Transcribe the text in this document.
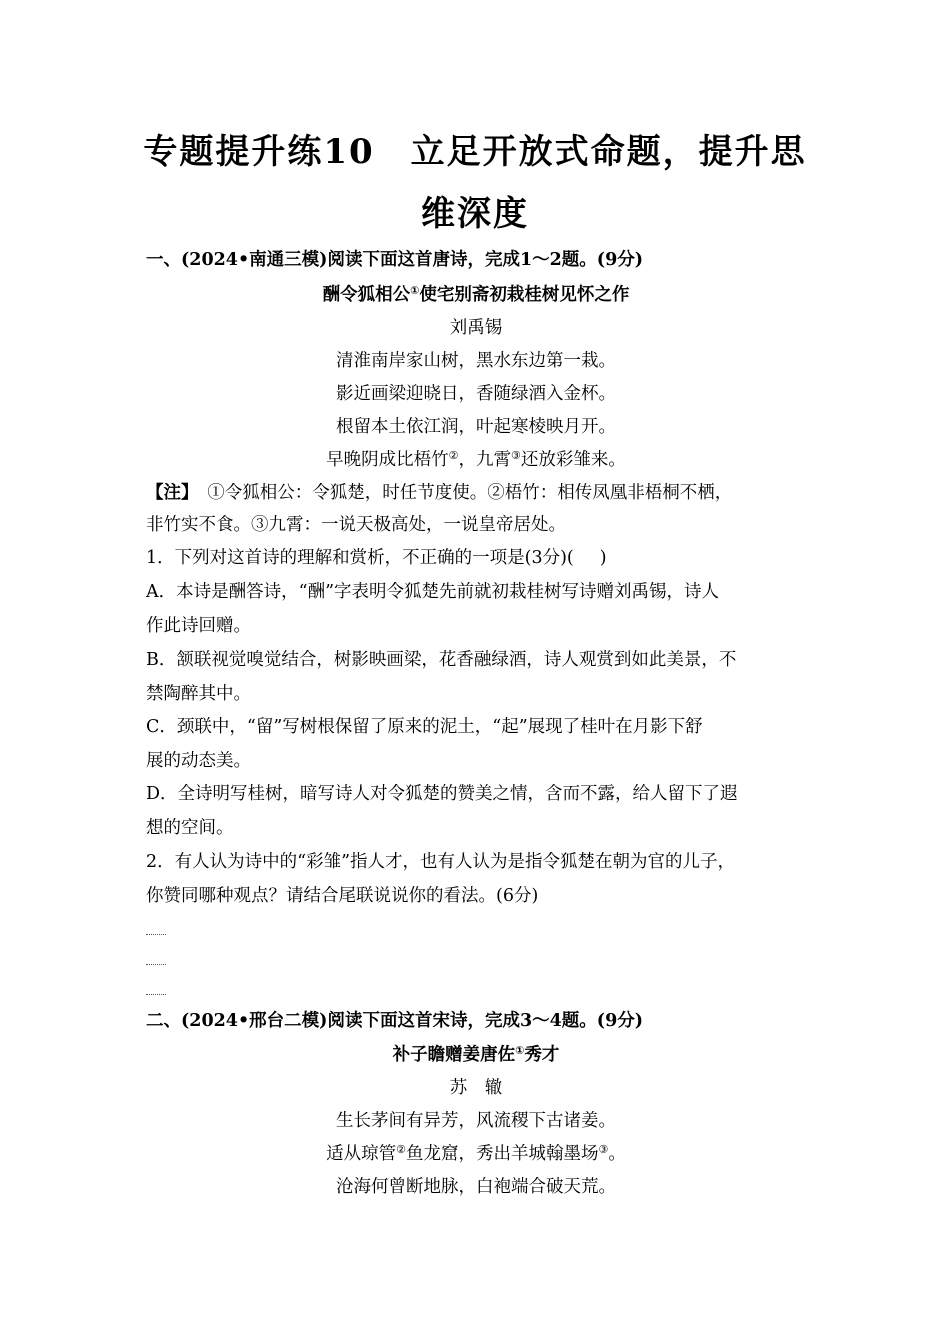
专题提升练10　立足开放式命题，提升思
维深度
一、(2024•南通三模)阅读下面这首唐诗，完成1～2题。(9分)
酬令狐相公①使宅别斋初栽桂树见怀之作
刘禹锡
清淮南岸家山树，黑水东边第一栽。
影近画梁迎晓日，香随绿酒入金杯。
根留本土依江润，叶起寒棱映月开。
早晚阴成比梧竹②，九霄③还放彩雏来。
【注】　 ①令狐相公：令狐楚，时任节度使。②梧竹：相传凤凰非梧桐不栖，
非竹实不食。③九霄：一说天极高处，一说皇帝居处。
1．下列对这首诗的理解和赏析，不正确的一项是(3分)( )
A．本诗是酬答诗，“酬”字表明令狐楚先前就初栽桂树写诗赠刘禹锡，诗人
作此诗回赠。
B．颔联视觉嗅觉结合，树影映画梁，花香融绿酒，诗人观赏到如此美景，不
禁陶醉其中。
C．颈联中，“留”写树根保留了原来的泥土，“起”展现了桂叶在月影下舒
展的动态美。
D．全诗明写桂树，暗写诗人对令狐楚的赞美之情，含而不露，给人留下了遐
想的空间。
2．有人认为诗中的“彩雏”指人才，也有人认为是指令狐楚在朝为官的儿子，
你赞同哪种观点？请结合尾联说说你的看法。(6分)
二、(2024•邢台二模)阅读下面这首宋诗，完成3～4题。(9分)
补子瞻赠姜唐佐①秀才
苏　辙
生长茅间有异芳，风流稷下古诸姜。
适从琼管②鱼龙窟，秀出羊城翰墨场③。
沧海何曾断地脉，白袍端合破天荒。
